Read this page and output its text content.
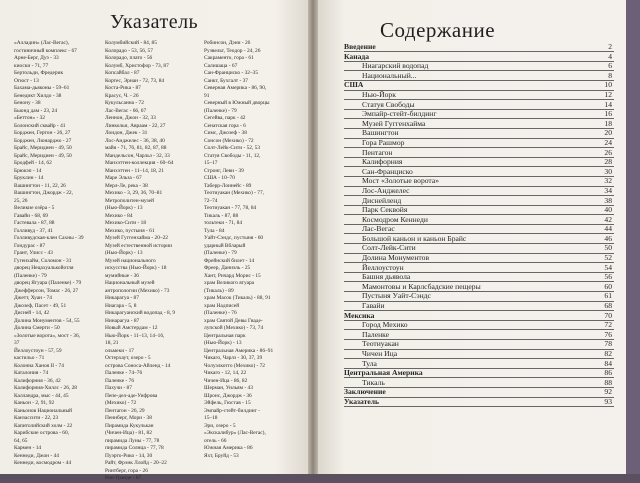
Указатель
«Алладин» (Лас-Вегас),
гостиничный комплекс - 67
Арне-Берг, Дуэ - 33
киоски - 71, 77
Бертольди, Фредерик
Огюст - 13
Бахама-дьяконы - 59–61
Бенедикт Хилдо - 38
Бенону - 38
Бьюнд дам - 23, 24
«Беттон» - 32
Болонский сквайр - 41
Борджен, Гертон - 26, 27
Борджен, Люнарджо - 27
Брайс, Меридиен - 49, 50
Брайс, Меридиен - 49, 50
Бродфей - 14, 62
Брюкэп - 14
Бруклин - 14
Вашингтон - 11, 22, 26
Вашингтон, Джордж - 22,
25, 26
Великие озёра - 5
Гавайи - 68, 69
Гастевала - 87, 88
Голливуд - 37, 41
Голливудская-клен Сахны - 39
Гондурас - 87
Грант, Улисс - 43
Гугенхайм, Соломон - 31
дворец Нецахуалькойотля
(Паленке) - 79
дворец Ягуара (Паленке) - 79
Джефферсон, Томас - 26, 27
Джетт, Хуан - 74
Джозеф, Пасет - 49, 51
Дисней - 14, 42
Долина Монументов - 54, 55
Долина Смерти - 50
«Золотые ворота», мост - 36,
37
Йеллоустоун - 57, 59
кастильо - 71
Колонна Ханоя II - 74
Каталония - 74
Калифорния - 36, 42
Калифорния-Хиллс - 26, 28
Калландра, мыс - 44, 45
Каньон - 2, 91, 92
Каньонов Национальный
Канзассити - 22, 23
Капитолийский холм - 22
Карибские острова - 60,
64, 65
Кармен - 14
Кеннеди, Джон - 44
Кеннеди, космодром - 44
Колумбийский - 84, 85
Колорадо - 53, 56, 57
Колорадо, плато - 56
Колумб, Христофор - 73, 87
Копсайбал - 87
Кортес, Эрнан - 72, 73, 84
Коста-Рика - 87
Красус, Ч. - 26
Кукульсанна - 72
Лас-Вегас - 66, 67
Леннон, Джон - 32, 33
Линкольн, Авраам - 22, 27
Лондон, Джек - 31
Лос-Анджелес - 36, 38, 40
майя - 71, 76, 81, 82, 87, 88
Мандельсон, Чарльз - 32, 33
Манхэттен-коллекция - 60–64
Манхэттен - 11–14, 18, 21
Маре Эльза - 67
Мерл-Ле, река - 38
Мехико - 3, 29, 36, 70–81
Метрополитен-музей
(Нью-Йорк) - 13
Мехико - 84
Мехико-Сити - 18
Мехико, пустыня - 61
Музей Гуггенхайма - 20–22
Музей естественной истории
(Нью-Йорк) - 13
Музей национального
искусства (Нью-Йорк) - 18
мумийные - 36
Национальный музей
антропологии (Мехико) - 73
Никарагуа - 87
Ниагара - 5, 8
Никарагуанский водопад - 8, 9
Нинарагуа - 87
Новый Амстердам - 12
Нью-Йорк - 11–13, 14–16,
18, 21
ольмеки - 17
Остерхаут, озеро - 5
острова Соноса-Айленд - 14
Паленке - 74–76
Паленке - 76
Пахучи - 87
Пепе-дел-аде-Уифрова
(Мехико) - 72
Пентагон - 26, 29
Пеннберг, Мори - 38
Пирамида Кукулькан
(Чичен-Ица) - 81, 82
пирамида Луны - 77, 78
пирамида Солнца - 77, 78
Пуэрто-Рико - 14, 30
Райт, Фрэнк Ллойд - 20–22
Ринтберг, гора - 26
Рио-Гранде - 67
Робинсон, Дэни - 26
Рузвельт, Теодор - 24, 26
Сакраменто, гора - 61
Салишаца - 67
Сан-Франциско - 32–35
Санкт, Бухгалт - 37
Северная Америка - 86, 90,
91
Северный в Южный дворцы
(Паленке) - 79
Сегейва, парк - 42
Сенатская гора - 6
Симс, Джозеф - 38
Сонсон (Мехико) - 72
Солт-Лейк-Сити - 52, 53
Статуя Свободы - 11, 12,
15–17
Стронг, Леви - 39
США - 10–70
Таберр-Лоннейс - 89
Теотиуакан (Мехико) - 77,
72–74
Теотиуакан - 77, 78, 84
Тикаль - 87, 88
тольтеки - 71, 84
Тула - 84
Уайт-Сэндс, пустыня - 60
ударный Вбларый
(Паленке) - 79
Фрейнский билет - 14
Фреер, Даниэль - 25
Хант, Ричард Морис - 15
храм Великого ягуара
(Тикаль) - 89
храм Масок (Тикаль) - 88, 91
храм Надписей
(Паленке) - 76
храм Святой Девы Гваде-
лупской (Мехико) - 73, 74
Центральная парк
(Нью-Йорк) - 13
Центральная Америка - 86–91
Чикаго, Чарлз - 30, 37, 39
Чолуэлкотго (Мехико) - 72
Чикаго - 12, 14, 22
Чичен-Ица - 86, 82
Шерман, Уильям - 43
Шронс, Джордж - 36
Эйфель, Гюстав - 15
Эмпайр-стейт-билдинг -
15–18
Эри, озеро - 5
«Экскалибур» (Лас-Вегас),
отель - 66
Южная Америка - 86
Яхт, Бруйд - 53
Содержание
Введение	2
Канада	4
Ниагарский водопад	6
Национальный...	8
США	10
Нью-Йорк	12
Статуя Свободы	14
Эмпайр-стейт-билдинг	16
Музей Гуггенхайма	18
Вашингтон	20
Гора Рашмор	24
Пентагон	26
Калифорния	28
Сан-Франциско	30
Мост «Золотые ворота»	32
Лос-Анджелес	34
Диснейленд	38
Парк Секвойя	40
Космодром Кеннеди	42
Лас-Вегас	44
Большой каньон и каньон Брайс	46
Солт-Лейк-Сити	50
Долина Монументов	52
Йеллоустоун	54
Башня дьявола	56
Мамонтовы и Карлсбадские пещеры	60
Пустыня Уайт-Сэндс	61
Гавайи	68
Мексика	70
Город Мехико	72
Паленке	76
Теотиуакан	78
Чичен Ица	82
Тула	84
Центральная Америка	86
Тикаль	88
Заключение	92
Указатель	93
